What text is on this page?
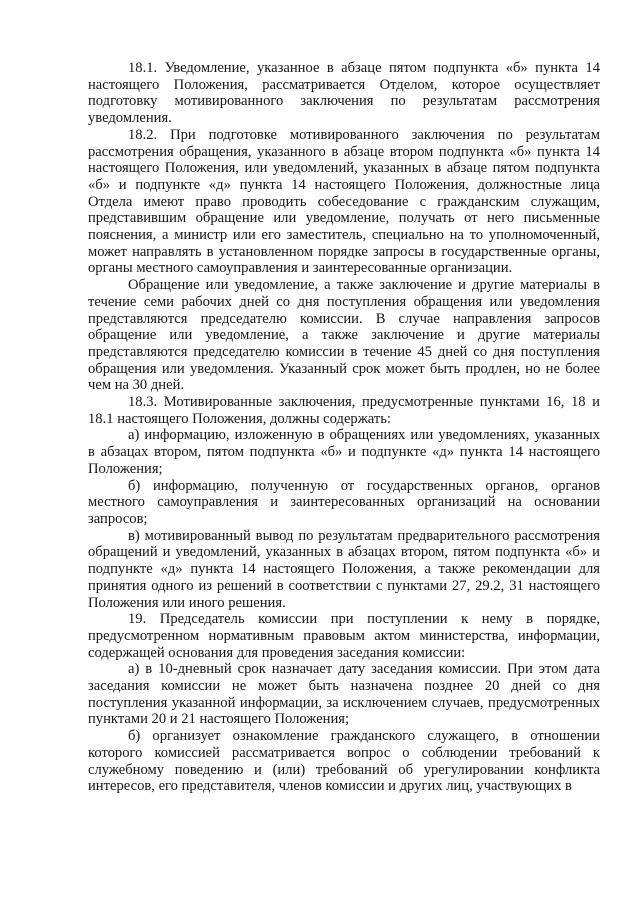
18.1. Уведомление, указанное в абзаце пятом подпункта «б» пункта 14 настоящего Положения, рассматривается Отделом, которое осуществляет подготовку мотивированного заключения по результатам рассмотрения уведомления.

18.2. При подготовке мотивированного заключения по результатам рассмотрения обращения, указанного в абзаце втором подпункта «б» пункта 14 настоящего Положения, или уведомлений, указанных в абзаце пятом подпункта «б» и подпункте «д» пункта 14 настоящего Положения, должностные лица Отдела имеют право проводить собеседование с гражданским служащим, представившим обращение или уведомление, получать от него письменные пояснения, а министр или его заместитель, специально на то уполномоченный, может направлять в установленном порядке запросы в государственные органы, органы местного самоуправления и заинтересованные организации.

Обращение или уведомление, а также заключение и другие материалы в течение семи рабочих дней со дня поступления обращения или уведомления представляются председателю комиссии. В случае направления запросов обращение или уведомление, а также заключение и другие материалы представляются председателю комиссии в течение 45 дней со дня поступления обращения или уведомления. Указанный срок может быть продлен, но не более чем на 30 дней.

18.3. Мотивированные заключения, предусмотренные пунктами 16, 18 и 18.1 настоящего Положения, должны содержать:

а) информацию, изложенную в обращениях или уведомлениях, указанных в абзацах втором, пятом подпункта «б» и подпункте «д» пункта 14 настоящего Положения;

б) информацию, полученную от государственных органов, органов местного самоуправления и заинтересованных организаций на основании запросов;

в) мотивированный вывод по результатам предварительного рассмотрения обращений и уведомлений, указанных в абзацах втором, пятом подпункта «б» и подпункте «д» пункта 14 настоящего Положения, а также рекомендации для принятия одного из решений в соответствии с пунктами 27, 29.2, 31 настоящего Положения или иного решения.

19. Председатель комиссии при поступлении к нему в порядке, предусмотренном нормативным правовым актом министерства, информации, содержащей основания для проведения заседания комиссии:

а) в 10-дневный срок назначает дату заседания комиссии. При этом дата заседания комиссии не может быть назначена позднее 20 дней со дня поступления указанной информации, за исключением случаев, предусмотренных пунктами 20 и 21 настоящего Положения;

б) организует ознакомление гражданского служащего, в отношении которого комиссией рассматривается вопрос о соблюдении требований к служебному поведению и (или) требований об урегулировании конфликта интересов, его представителя, членов комиссии и других лиц, участвующих в
